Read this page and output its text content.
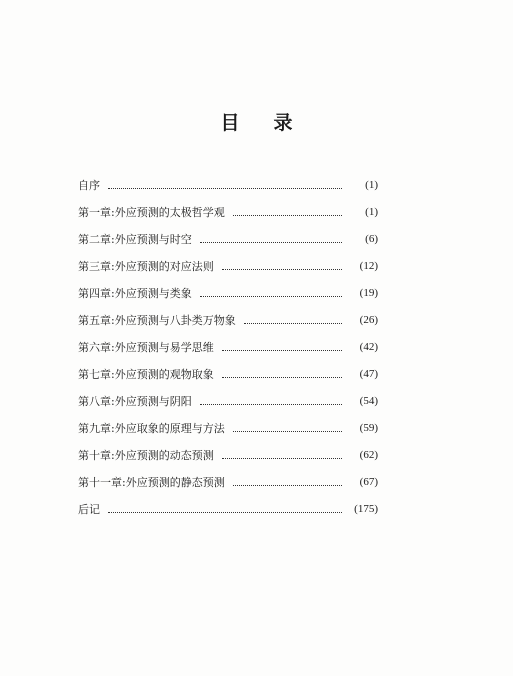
目 录
自序	(1)
第一章:外应预测的太极哲学观	(1)
第二章:外应预测与时空	(6)
第三章:外应预测的对应法则	(12)
第四章:外应预测与类象	(19)
第五章:外应预测与八卦类万物象	(26)
第六章:外应预测与易学思维	(42)
第七章:外应预测的观物取象	(47)
第八章:外应预测与阴阳	(54)
第九章:外应取象的原理与方法	(59)
第十章:外应预测的动态预测	(62)
第十一章:外应预测的静态预测	(67)
后记	(175)
